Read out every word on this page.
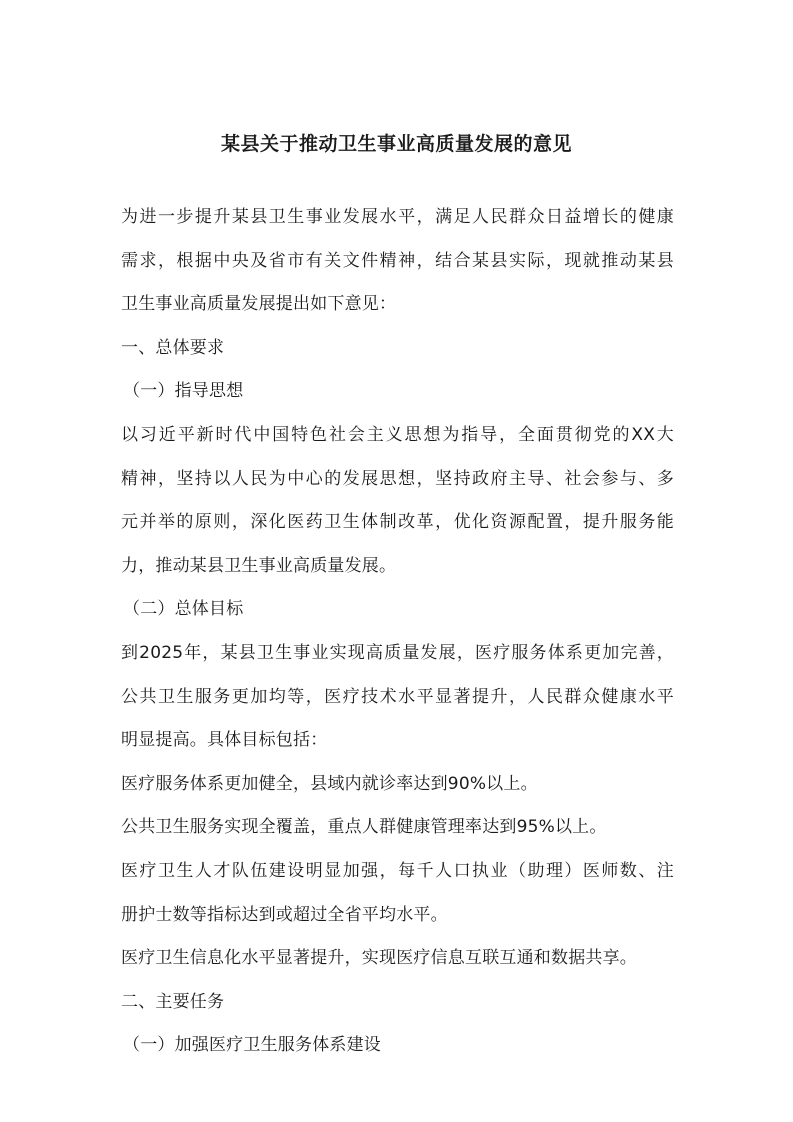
某县关于推动卫生事业高质量发展的意见
为进一步提升某县卫生事业发展水平，满足人民群众日益增长的健康
需求，根据中央及省市有关文件精神，结合某县实际，现就推动某县
卫生事业高质量发展提出如下意见：
一、总体要求
（一）指导思想
以习近平新时代中国特色社会主义思想为指导，全面贯彻党的XX大
精神，坚持以人民为中心的发展思想，坚持政府主导、社会参与、多
元并举的原则，深化医药卫生体制改革，优化资源配置，提升服务能
力，推动某县卫生事业高质量发展。
（二）总体目标
到2025年，某县卫生事业实现高质量发展，医疗服务体系更加完善，
公共卫生服务更加均等，医疗技术水平显著提升，人民群众健康水平
明显提高。具体目标包括：
医疗服务体系更加健全，县域内就诊率达到90%以上。
公共卫生服务实现全覆盖，重点人群健康管理率达到95%以上。
医疗卫生人才队伍建设明显加强，每千人口执业（助理）医师数、注
册护士数等指标达到或超过全省平均水平。
医疗卫生信息化水平显著提升，实现医疗信息互联互通和数据共享。
二、主要任务
（一）加强医疗卫生服务体系建设
